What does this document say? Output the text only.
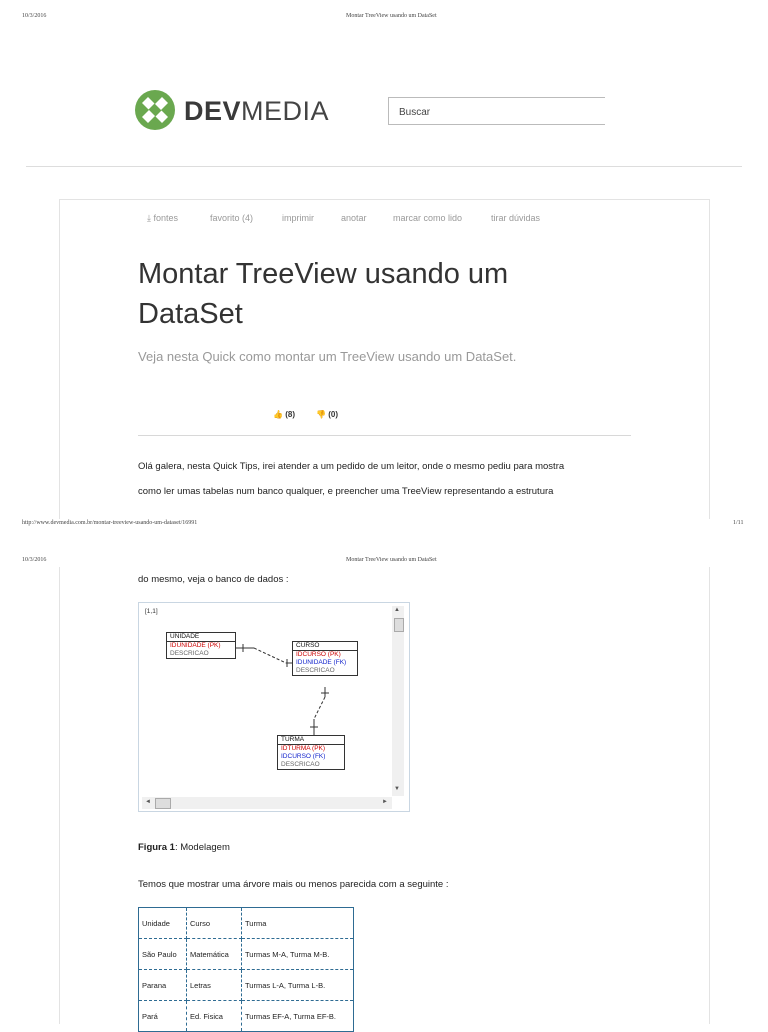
10/3/2016	Montar TreeView usando um DataSet
DEVMEDIA	Buscar
⤓ fontes	favorito (4)	imprimir	anotar	marcar como lido	tirar dúvidas
Montar TreeView usando um DataSet
Veja nesta Quick como montar um TreeView usando um DataSet.
👍 (8)	👎 (0)
Olá galera, nesta Quick Tips, irei atender a um pedido de um leitor, onde o mesmo pediu para mostra
como ler umas tabelas num banco qualquer, e preencher uma TreeView representando a estrutura
http://www.devmedia.com.br/montar-treeview-usando-um-dataset/16991	1/11
10/3/2016	Montar TreeView usando um DataSet
do mesmo, veja o banco de dados :
[1,1]	▲
▼
◄	►
UNIDADE
IDUNIDADE (PK)
DESCRICAO
CURSO
IDCURSO (PK)
IDUNIDADE (FK)
DESCRICAO
TURMA
IDTURMA (PK)
IDCURSO (FK)
DESCRICAO
Figura 1: Modelagem
Temos que mostrar uma árvore mais ou menos parecida com a seguinte :
Unidade	Curso	Turma
São Paulo	Matemática	Turmas M-A, Turma M-B.
Parana	Letras	Turmas L-A, Turma L-B.
Pará	Ed. Fisica	Turmas EF-A, Turma EF-B.
